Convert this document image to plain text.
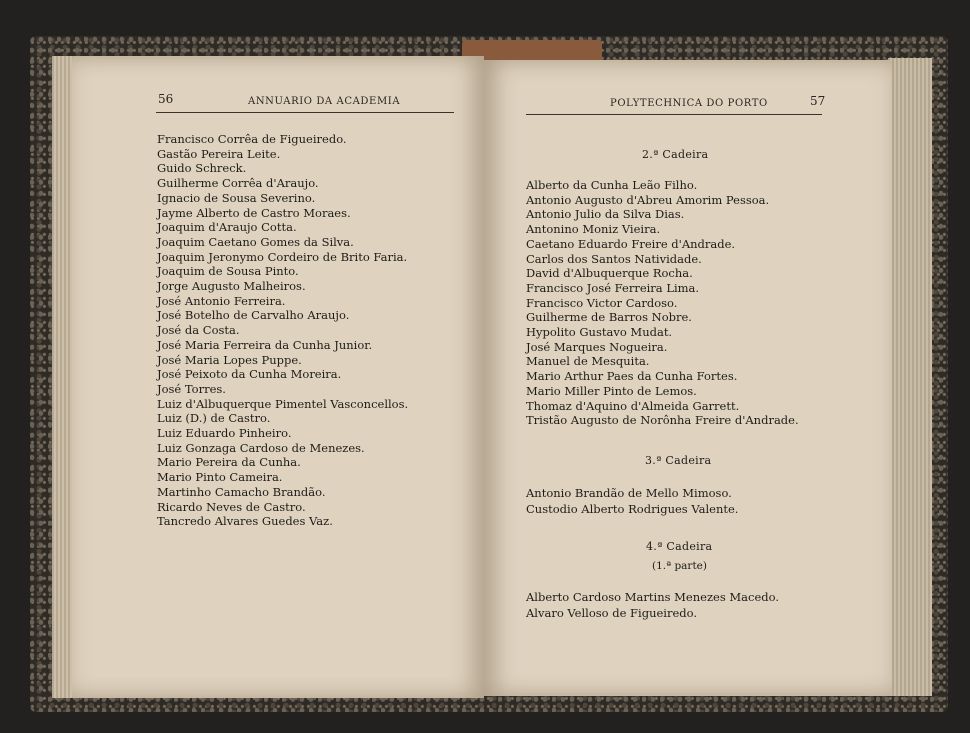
56	ANNUARIO DA ACADEMIA
Francisco Corrêa de Figueiredo.
Gastão Pereira Leite.
Guido Schreck.
Guilherme Corrêa d'Araujo.
Ignacio de Sousa Severino.
Jayme Alberto de Castro Moraes.
Joaquim d'Araujo Cotta.
Joaquim Caetano Gomes da Silva.
Joaquim Jeronymo Cordeiro de Brito Faria.
Joaquim de Sousa Pinto.
Jorge Augusto Malheiros.
José Antonio Ferreira.
José Botelho de Carvalho Araujo.
José da Costa.
José Maria Ferreira da Cunha Junior.
José Maria Lopes Puppe.
José Peixoto da Cunha Moreira.
José Torres.
Luiz d'Albuquerque Pimentel Vasconcellos.
Luiz (D.) de Castro.
Luiz Eduardo Pinheiro.
Luiz Gonzaga Cardoso de Menezes.
Mario Pereira da Cunha.
Mario Pinto Cameira.
Martinho Camacho Brandão.
Ricardo Neves de Castro.
Tancredo Alvares Guedes Vaz.
POLYTECHNICA DO PORTO	57
2.ª Cadeira
Alberto da Cunha Leão Filho.
Antonio Augusto d'Abreu Amorim Pessoa.
Antonio Julio da Silva Dias.
Antonino Moniz Vieira.
Caetano Eduardo Freire d'Andrade.
Carlos dos Santos Natividade.
David d'Albuquerque Rocha.
Francisco José Ferreira Lima.
Francisco Victor Cardoso.
Guilherme de Barros Nobre.
Hypolito Gustavo Mudat.
José Marques Nogueira.
Manuel de Mesquita.
Mario Arthur Paes da Cunha Fortes.
Mario Miller Pinto de Lemos.
Thomaz d'Aquino d'Almeida Garrett.
Tristão Augusto de Norônha Freire d'Andrade.
3.ª Cadeira
Antonio Brandão de Mello Mimoso.
Custodio Alberto Rodrigues Valente.
4.ª Cadeira
(1.ª parte)
Alberto Cardoso Martins Menezes Macedo.
Alvaro Velloso de Figueiredo.
